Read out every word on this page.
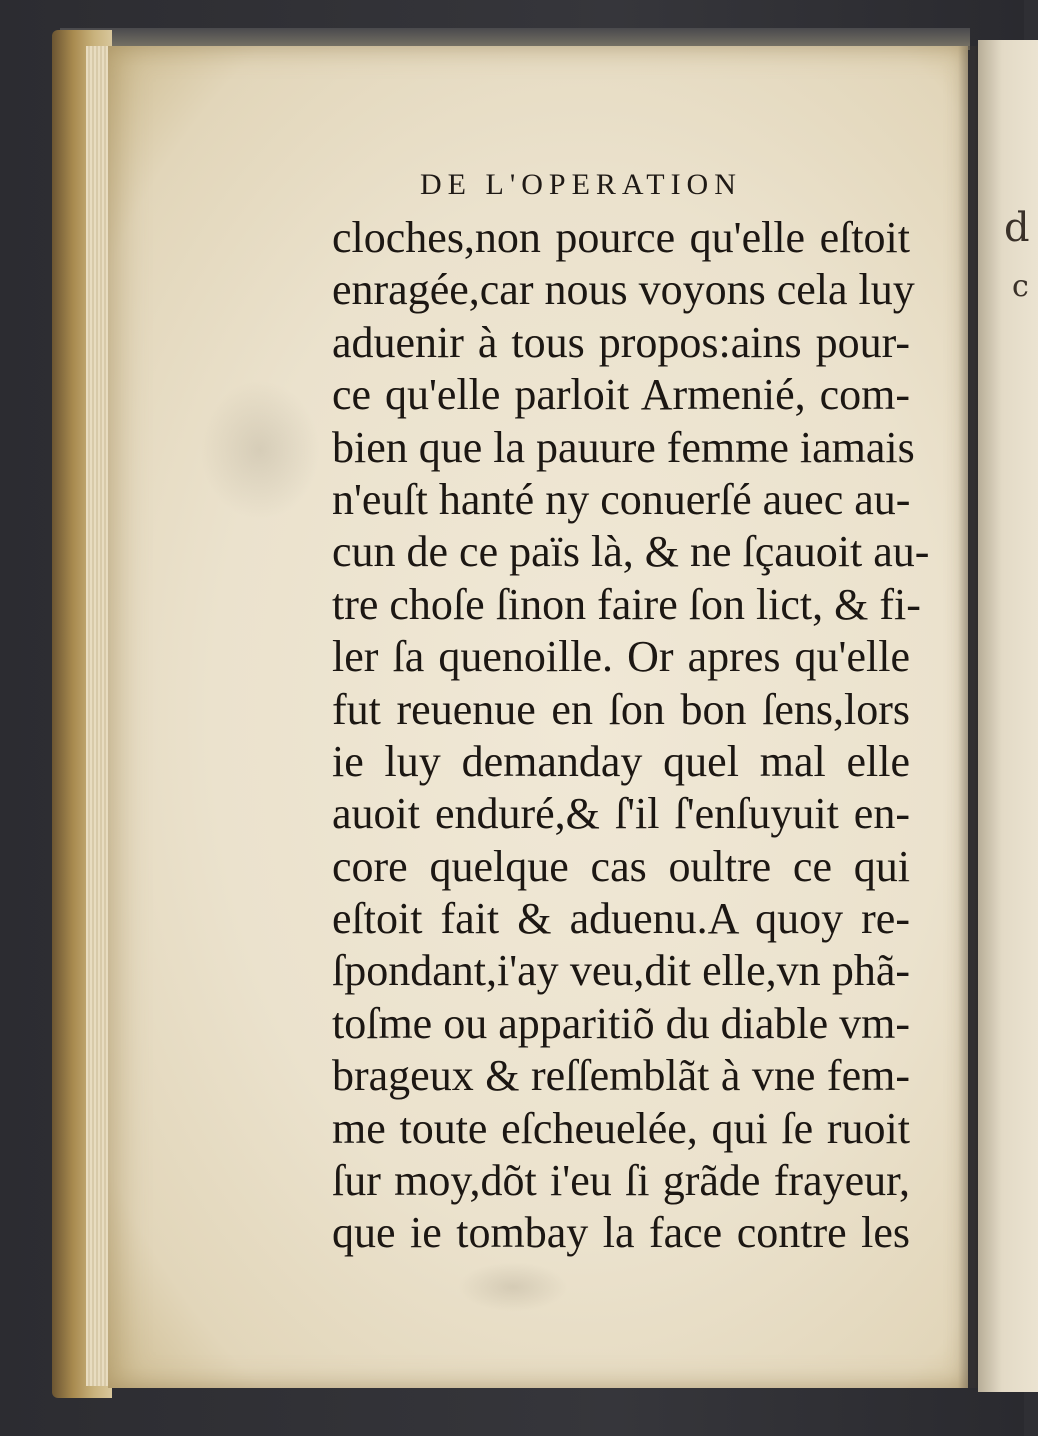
d
c
DE L'OPERATION
cloches,non pource qu'elle eſtoit
enragée,car nous voyons cela luy
aduenir à tous propos:ains pour-
ce qu'elle parloit Armenié, com-
bien que la pauure femme iamais
n'euſt hanté ny conuerſé auec au-
cun de ce païs là, & ne ſçauoit au-
tre choſe ſinon faire ſon lict, & fi-
ler ſa quenoille. Or apres qu'elle
fut reuenue en ſon bon ſens,lors
ie luy demanday quel mal elle
auoit enduré,& ſ'il ſ'enſuyuit en-
core quelque cas oultre ce qui
eſtoit fait & aduenu.A quoy re-
ſpondant,i'ay veu,dit elle,vn phã-
toſme ou apparitiõ du diable vm-
brageux & reſſemblãt à vne fem-
me toute eſcheuelée, qui ſe ruoit
ſur moy,dõt i'eu ſi grãde frayeur,
que ie tombay la face contre les
